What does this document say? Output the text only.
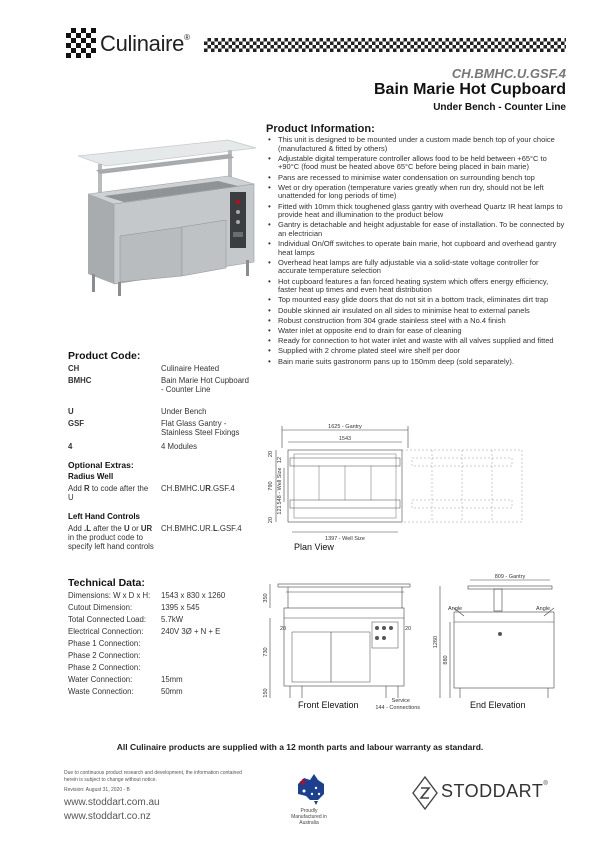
Culinaire®
CH.BMHC.U.GSF.4
Bain Marie Hot Cupboard
Under Bench - Counter Line
Product Information:
• This unit is designed to be mounted under a custom made bench top of your choice (manufactured & fitted by others)
• Adjustable digital temperature controller allows food to be held between +65°C to +90°C (food must be heated above 65°C before being placed in bain marie)
• Pans are recessed to minimise water condensation on surrounding bench top
• Wet or dry operation (temperature varies greatly when run dry, should not be left unattended for long periods of time)
• Fitted with 10mm thick toughened glass gantry with overhead Quartz IR heat lamps to provide heat and illumination to the product below
• Gantry is detachable and height adjustable for ease of installation. To be connected by an electrician
• Individual On/Off switches to operate bain marie, hot cupboard and overhead gantry heat lamps
• Overhead heat lamps are fully adjustable via a solid-state voltage controller for accurate temperature selection
• Hot cupboard features a fan forced heating system which offers energy efficiency, faster heat up times and even heat distribution
• Top mounted easy glide doors that do not sit in a bottom track, eliminates dirt trap
• Double skinned air insulated on all sides to minimise heat to external panels
• Robust construction from 304 grade stainless steel with a No.4 finish
• Water inlet at opposite end to drain for ease of cleaning
• Ready for connection to hot water inlet and waste with all valves supplied and fitted
• Supplied with 2 chrome plated steel wire shelf per door
• Bain marie suits gastronorm pans up to 150mm deep (sold separately).
Product Code:
CH	Culinaire Heated
BMHC	Bain Marie Hot Cupboard - Counter Line
U	Under Bench
GSF	Flat Glass Gantry - Stainless Steel Fixings
4	4 Modules
Optional Extras:
Radius Well
Add R to code after the U
CH.BMHC.UR.GSF.4
Left Hand Controls
Add .L after the U or UR in the product code to specify left hand controls
CH.BMHC.UR.L.GSF.4
Technical Data:
Dimensions: W x D x H:	1543 x 830 x 1260
Cutout Dimension:	1395 x 545
Total Connected Load:	5.7kW
Electrical Connection:	240V 3Ø + N + E
Phase 1 Connection:
Phase 2 Connection:
Phase 2 Connection:
Water Connection:	15mm
Waste Connection:	50mm
1625 - Gantry
1543
1397 - Well Size
790 548 - Well Size
121
12
20
20
Plan View
350
730
150
20	20
Service
144 - Connections
Front Elevation
809 - Gantry
Angle	Angle
1260
880
End Elevation
All Culinaire products are supplied with a 12 month parts and labour warranty as standard.
Due to continuous product research and development, the information contained herein is subject to change without notice.
Revision: August 31, 2020 - B
www.stoddart.com.au
www.stoddart.co.nz	Proudly Manufactured in Australia
STODDART®
